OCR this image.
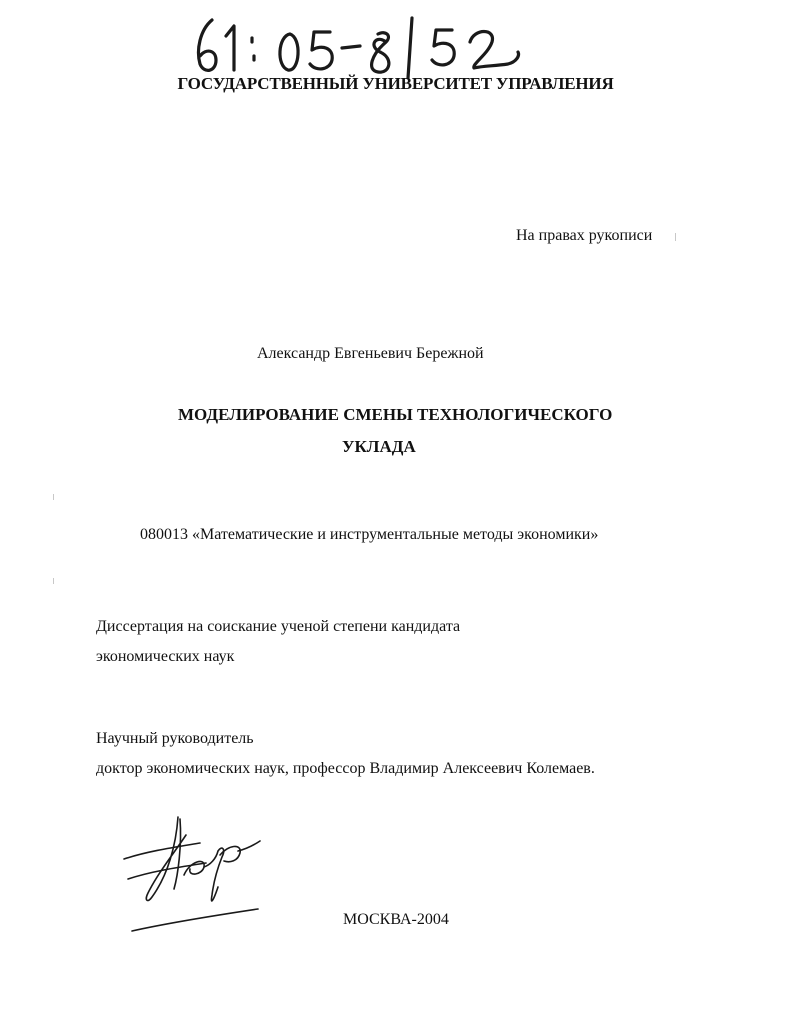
ГОСУДАРСТВЕННЫЙ УНИВЕРСИТЕТ УПРАВЛЕНИЯ
На правах рукописи
Александр Евгеньевич Бережной
МОДЕЛИРОВАНИЕ СМЕНЫ ТЕХНОЛОГИЧЕСКОГО
УКЛАДА
080013 «Математические и инструментальные методы экономики»
Диссертация на соискание ученой степени кандидата
экономических наук
Научный руководитель
доктор экономических наук, профессор Владимир Алексеевич Колемаев.
МОСКВА-2004
